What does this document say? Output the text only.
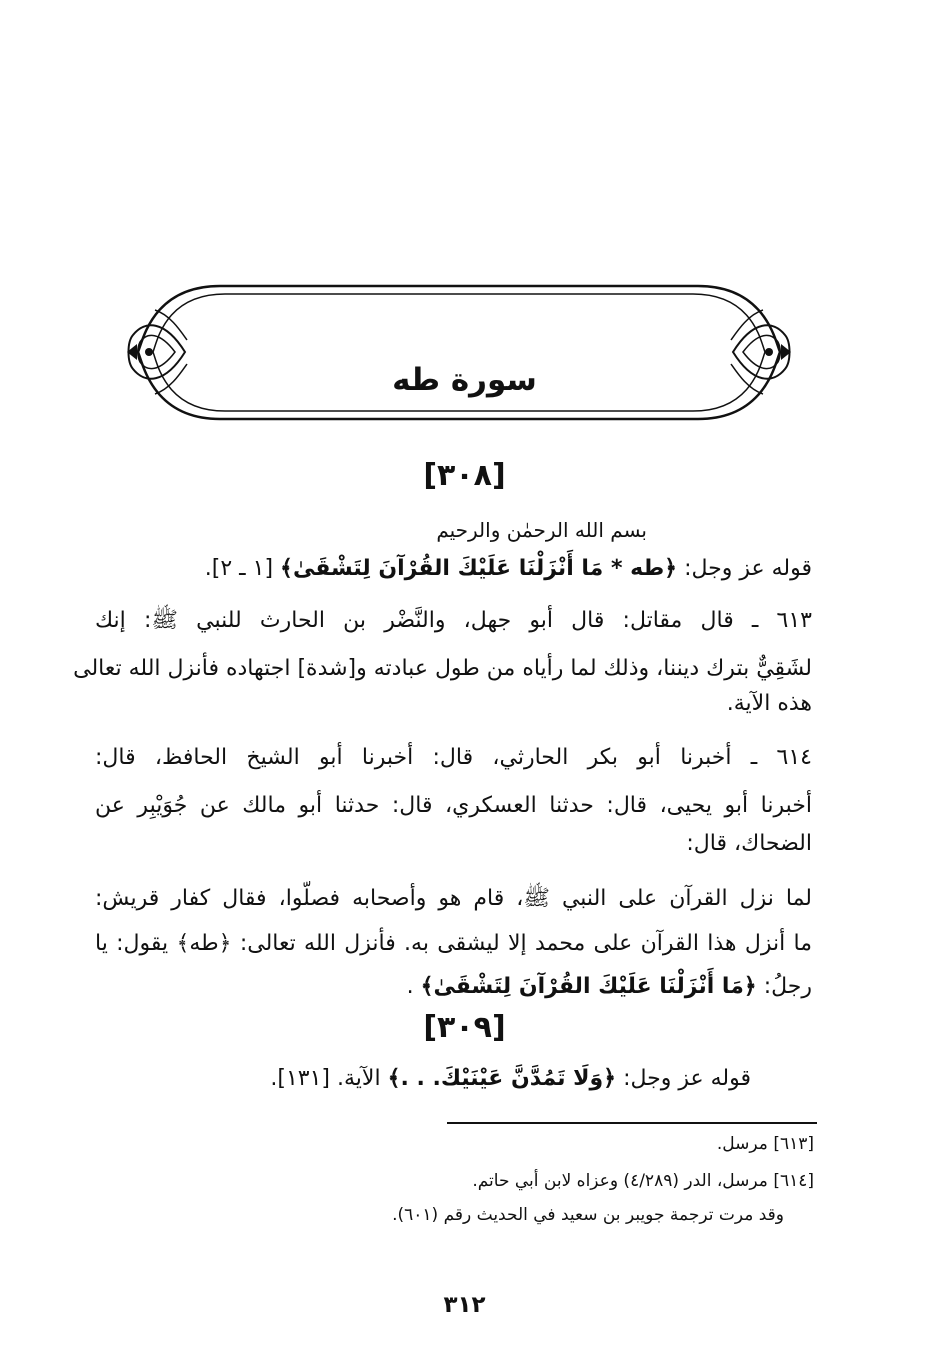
سورة طه
[٣٠٨]
بسم الله الرحمٰن والرحيم
قوله عز وجل: ﴿طه * مَا أَنْزَلْنَا عَلَيْكَ القُرْآنَ لِتَشْقَىٰ﴾ [١ ـ ٢].
٦١٣ ـ قال مقاتل: قال أبو جهل، والنَّضْر بن الحارث للنبي ﷺ: إنك
لشَقِيٌّ بترك ديننا، وذلك لما رأياه من طول عبادته و[شدة] اجتهاده فأنزل الله تعالى
هذه الآية.
٦١٤ ـ أخبرنا أبو بكر الحارثي، قال: أخبرنا أبو الشيخ الحافظ، قال:
أخبرنا أبو يحيى، قال: حدثنا العسكري، قال: حدثنا أبو مالك عن جُوَيْبِر عن
الضحاك، قال:
لما نزل القرآن على النبي ﷺ، قام هو وأصحابه فصلّوا، فقال كفار قريش:
ما أنزل هذا القرآن على محمد إلا ليشقى به. فأنزل الله تعالى: ﴿طه﴾ يقول: يا
رجلُ: ﴿مَا أَنْزَلْنَا عَلَيْكَ القُرْآنَ لِتَشْقَىٰ﴾ .
[٣٠٩]
قوله عز وجل: ﴿وَلَا تَمُدَّنَّ عَيْنَيْكَ. . .﴾ الآية. [١٣١].
[٦١٣] مرسل.
[٦١٤] مرسل، الدر (٤/٢٨٩) وعزاه لابن أبي حاتم.
وقد مرت ترجمة جويبر بن سعيد في الحديث رقم (٦٠١).
٣١٢
